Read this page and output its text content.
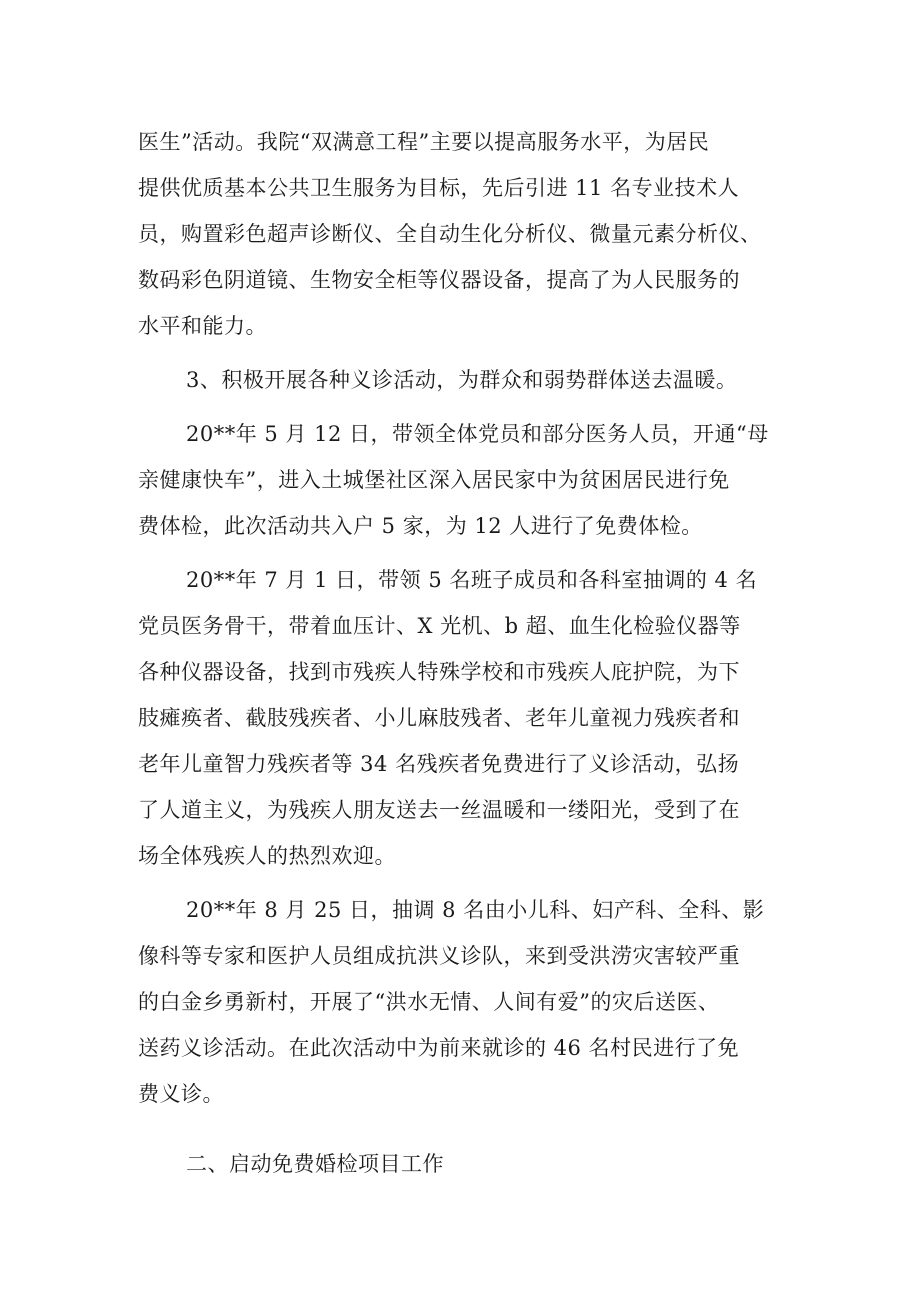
医生”活动。我院“双满意工程”主要以提高服务水平，为居民
提供优质基本公共卫生服务为目标，先后引进 11 名专业技术人
员，购置彩色超声诊断仪、全自动生化分析仪、微量元素分析仪、
数码彩色阴道镜、生物安全柜等仪器设备，提高了为人民服务的
水平和能力。
3、积极开展各种义诊活动，为群众和弱势群体送去温暖。
20**年 5 月 12 日，带领全体党员和部分医务人员，开通“母
亲健康快车”，进入土城堡社区深入居民家中为贫困居民进行免
费体检，此次活动共入户 5 家，为 12 人进行了免费体检。
20**年 7 月 1 日，带领 5 名班子成员和各科室抽调的 4 名
党员医务骨干，带着血压计、X 光机、b 超、血生化检验仪器等
各种仪器设备，找到市残疾人特殊学校和市残疾人庇护院，为下
肢瘫痪者、截肢残疾者、小儿麻肢残者、老年儿童视力残疾者和
老年儿童智力残疾者等 34 名残疾者免费进行了义诊活动，弘扬
了人道主义，为残疾人朋友送去一丝温暖和一缕阳光，受到了在
场全体残疾人的热烈欢迎。
20**年 8 月 25 日，抽调 8 名由小儿科、妇产科、全科、影
像科等专家和医护人员组成抗洪义诊队，来到受洪涝灾害较严重
的白金乡勇新村，开展了“洪水无情、人间有爱”的灾后送医、
送药义诊活动。在此次活动中为前来就诊的 46 名村民进行了免
费义诊。
二、启动免费婚检项目工作
